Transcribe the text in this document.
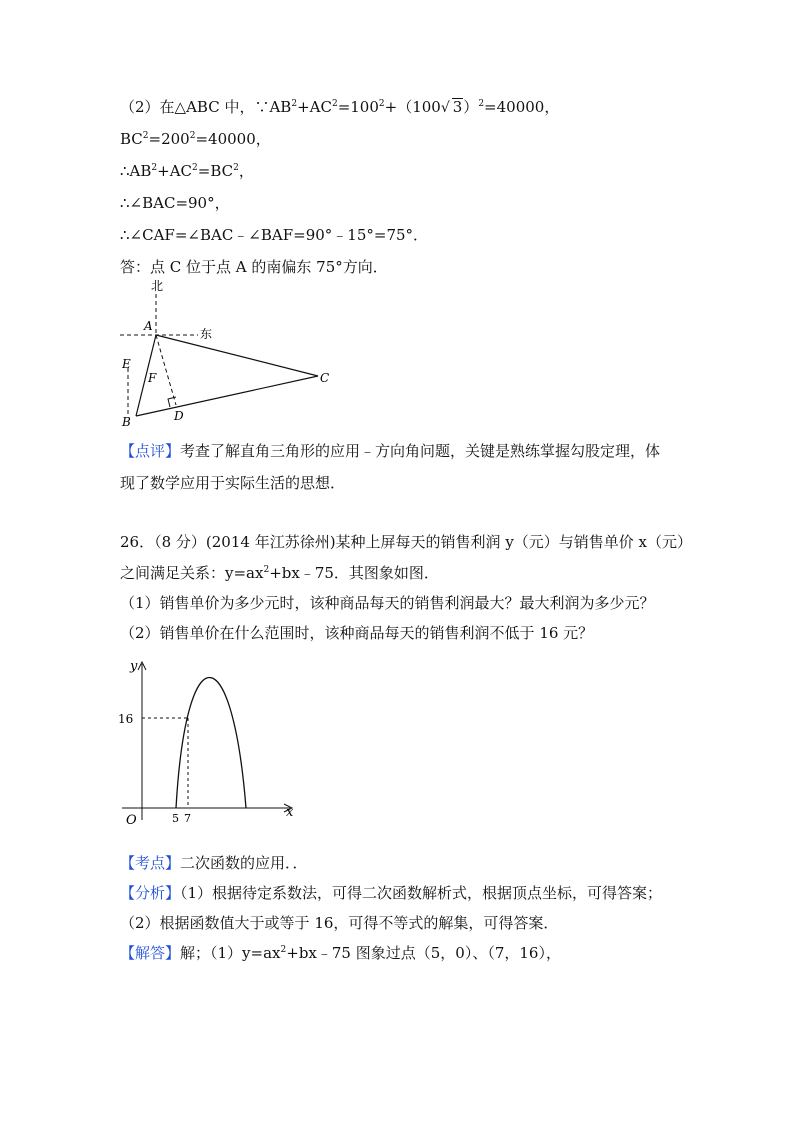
（2）在△ABC 中，$\because AB^2+AC^2=100^2+(100√$ 3）$^2$=40000，
$BC^2=200^2=40000$，
$\therefore AB^2+AC^2=BC^2$，
∴∠BAC=90°，
∴∠CAF=∠BAC﹣∠BAF=90°﹣15°=75°．
答：点 C 位于点 A 的南偏东 75°方向．
北
东
A
B
C
D
E
F
【点评】考查了解直角三角形的应用﹣方向角问题，关键是熟练掌握勾股定理，体
现了数学应用于实际生活的思想．
26．（8 分）(2014 年江苏徐州)某种上屏每天的销售利润 y（元）与销售单价 x（元）
之间满足关系：$y=ax^2+bx﹣75$．其图象如图．
（1）销售单价为多少元时，该种商品每天的销售利润最大？最大利润为多少元？
（2）销售单价在什么范围时，该种商品每天的销售利润不低于 16 元？
y
x
O
16
5 7
【考点】二次函数的应用．．
【分析】（1）根据待定系数法，可得二次函数解析式，根据顶点坐标，可得答案；
（2）根据函数值大于或等于 16，可得不等式的解集，可得答案．
【解答】解；$(1)y=ax^2+bx﹣75$ 图象过点（5，0）、（7，16），
